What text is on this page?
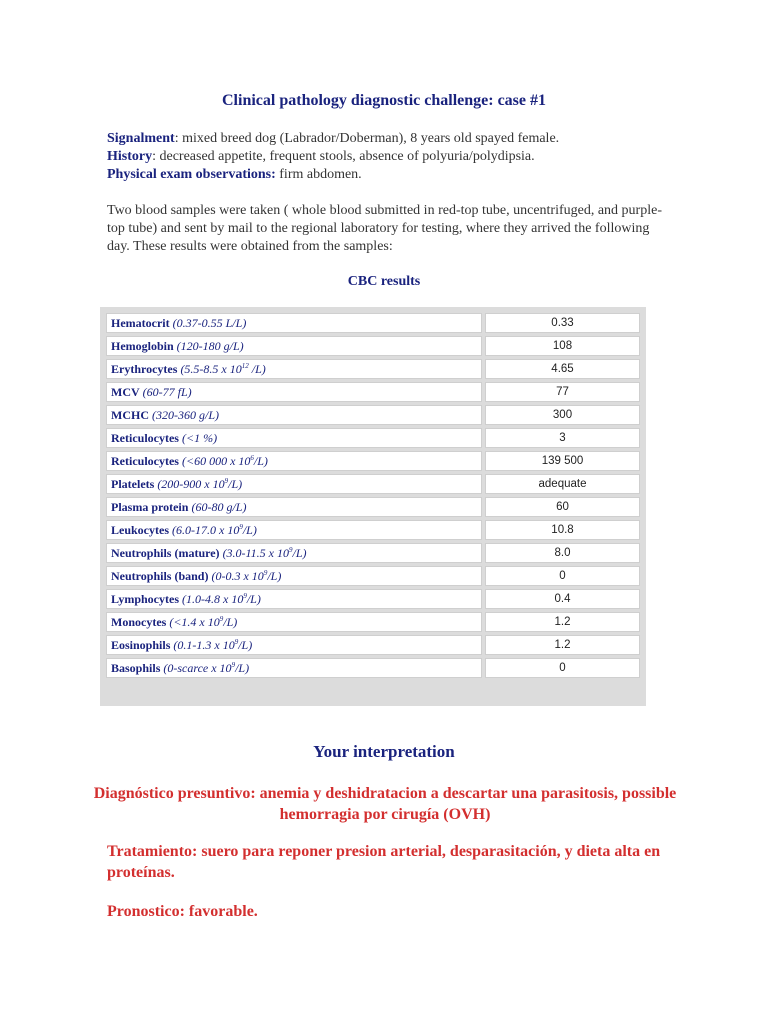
Clinical pathology diagnostic challenge: case #1
Signalment: mixed breed dog (Labrador/Doberman), 8 years old spayed female.
History: decreased appetite, frequent stools, absence of polyuria/polydipsia.
Physical exam observations: firm abdomen.
Two blood samples were taken ( whole blood submitted in red-top tube, uncentrifuged, and purple-top tube) and sent by mail to the regional laboratory for testing, where they arrived the following day. These results were obtained from the samples:
CBC results
Hematocrit (0.37-0.55 L/L)	0.33
Hemoglobin (120-180 g/L)	108
Erythrocytes (5.5-8.5 x $10^{12}$ /L)	4.65
MCV (60-77 fL)	77
MCHC (320-360 g/L)	300
Reticulocytes (<1 %)	3
Reticulocytes (<60 000 x $10^6/L$)	139 500
Platelets (200-900 x $10^9/L$)	adequate
Plasma protein (60-80 g/L)	60
Leukocytes (6.0-17.0 x $10^9/L$)	10.8
Neutrophils (mature) (3.0-11.5 x $10^9/L$)	8.0
Neutrophils (band) (0-0.3 x $10^9/L$)	0
Lymphocytes (1.0-4.8 x $10^9/L$)	0.4
Monocytes (<1.4 x $10^9/L$)	1.2
Eosinophils (0.1-1.3 x $10^9/L$)	1.2
Basophils (0-scarce x $10^9/L$)	0
Your interpretation
Diagnóstico presuntivo: anemia y deshidratacion a descartar una parasitosis, possible hemorragia por cirugía (OVH)
Tratamiento: suero para reponer presion arterial, desparasitación, y dieta alta en proteínas.
Pronostico: favorable.
